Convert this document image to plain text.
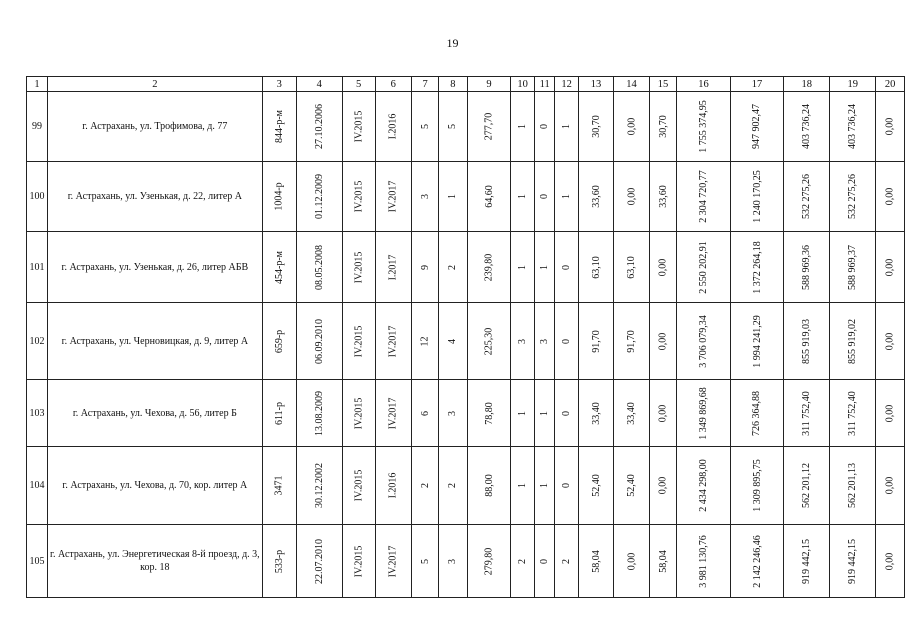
19
1	2	3	4	5	6	7	8	9	10	11	12	13	14	15	16	17	18	19	20
99	г. Астрахань, ул. Трофимова, д. 77	844-р-м	27.10.2006	IV.2015	I.2016	5	5	277,70	1	0	1	30,70	0,00	30,70	1 755 374,95	947 902,47	403 736,24	403 736,24	0,00
100	г. Астрахань, ул. Узенькая, д. 22, литер А	1004-р	01.12.2009	IV.2015	IV.2017	3	1	64,60	1	0	1	33,60	0,00	33,60	2 304 720,77	1 240 170,25	532 275,26	532 275,26	0,00
101	г. Астрахань, ул. Узенькая, д. 26, литер АБВ	454-р-м	08.05.2008	IV.2015	I.2017	9	2	239,80	1	1	0	63,10	63,10	0,00	2 550 202,91	1 372 264,18	588 969,36	588 969,37	0,00
102	г. Астрахань, ул. Черновицкая, д. 9, литер А	659-р	06.09.2010	IV.2015	IV.2017	12	4	225,30	3	3	0	91,70	91,70	0,00	3 706 079,34	1 994 241,29	855 919,03	855 919,02	0,00
103	г. Астрахань, ул. Чехова, д. 56, литер Б	611-р	13.08.2009	IV.2015	IV.2017	6	3	78,80	1	1	0	33,40	33,40	0,00	1 349 869,68	726 364,88	311 752,40	311 752,40	0,00
104	г. Астрахань, ул. Чехова, д. 70, кор. литер А	3471	30.12.2002	IV.2015	I.2016	2	2	88,00	1	1	0	52,40	52,40	0,00	2 434 298,00	1 309 895,75	562 201,12	562 201,13	0,00
105	г. Астрахань, ул. Энергетическая 8-й проезд, д. 3, кор. 18	533-р	22.07.2010	IV.2015	IV.2017	5	3	279,80	2	0	2	58,04	0,00	58,04	3 981 130,76	2 142 246,46	919 442,15	919 442,15	0,00
